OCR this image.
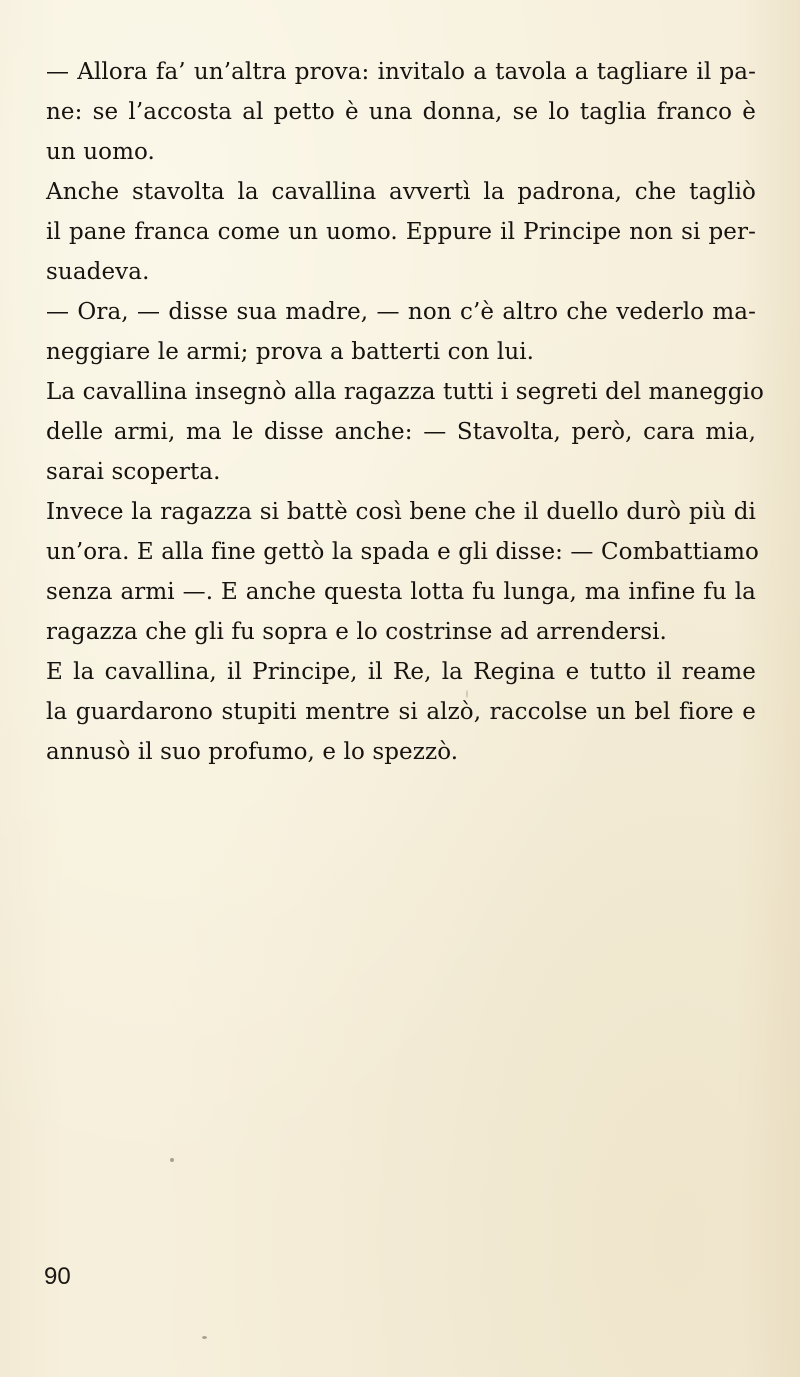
— Allora fa’ un’altra prova: invitalo a tavola a tagliare il pa-
ne: se l’accosta al petto è una donna, se lo taglia franco è
un uomo.
Anche stavolta la cavallina avvertì la padrona, che tagliò
il pane franca come un uomo. Eppure il Principe non si per-
suadeva.
— Ora, — disse sua madre, — non c’è altro che vederlo ma-
neggiare le armi; prova a batterti con lui.
La cavallina insegnò alla ragazza tutti i segreti del maneggio
delle armi, ma le disse anche: — Stavolta, però, cara mia,
sarai scoperta.
Invece la ragazza si battè così bene che il duello durò più di
un’ora. E alla fine gettò la spada e gli disse: — Combattiamo
senza armi —. E anche questa lotta fu lunga, ma infine fu la
ragazza che gli fu sopra e lo costrinse ad arrendersi.
E la cavallina, il Principe, il Re, la Regina e tutto il reame
la guardarono stupiti mentre si alzò, raccolse un bel fiore e
annusò il suo profumo, e lo spezzò.
90
